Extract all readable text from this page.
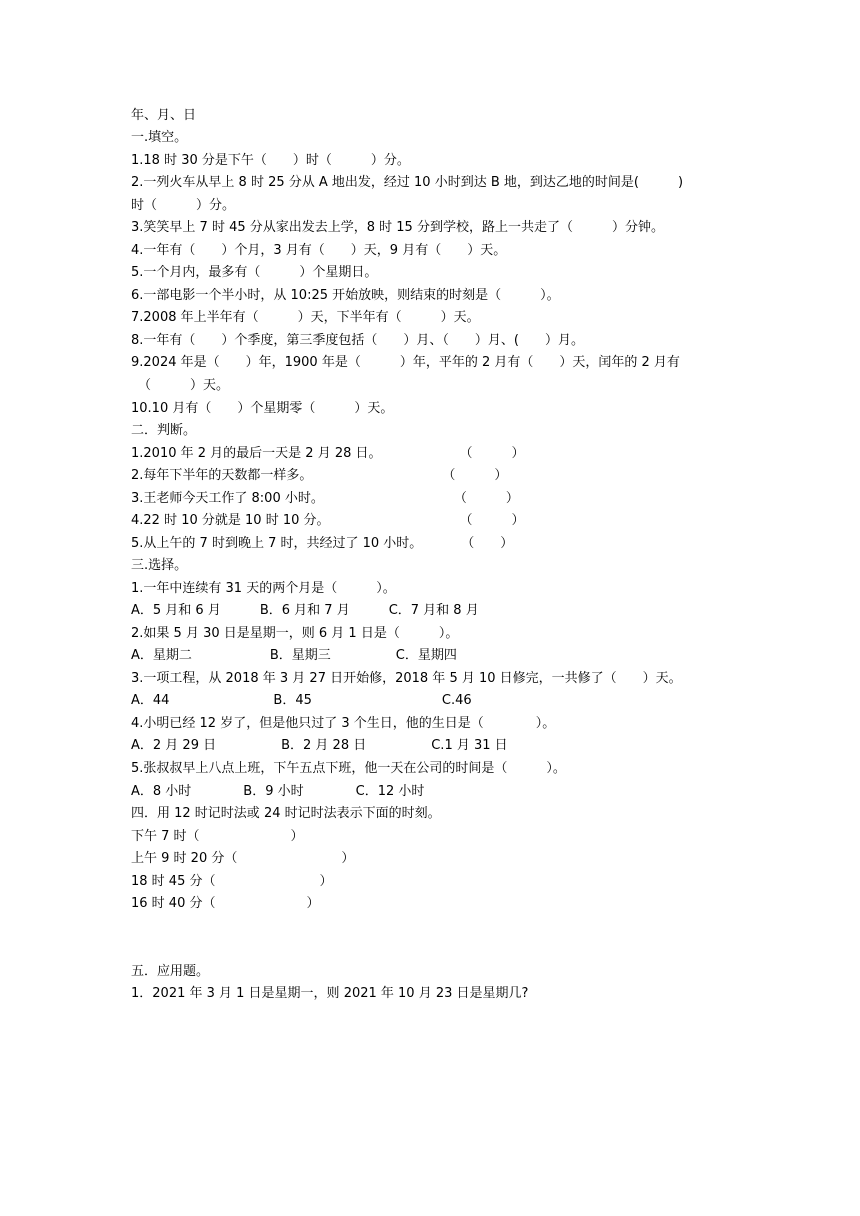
年、月、日
一.填空。
1.18 时 30 分是下午（　　）时（　　　）分。
2.一列火车从早上 8 时 25 分从 A 地出发，经过 10 小时到达 B 地，到达乙地的时间是(　　　)
时（　　　）分。
3.笑笑早上 7 时 45 分从家出发去上学，8 时 15 分到学校，路上一共走了（　　　）分钟。
4.一年有（　　）个月，3 月有（　　）天，9 月有（　　）天。
5.一个月内，最多有（　　　）个星期日。
6.一部电影一个半小时，从 10:25 开始放映，则结束的时刻是（　　　）。
7.2008 年上半年有（　　　）天，下半年有（　　　）天。
8.一年有（　　）个季度，第三季度包括（　　）月、（　　）月、(　　）月。
9.2024 年是（　　）年，1900 年是（　　　）年，平年的 2 月有（　　）天，闰年的 2 月有
（　　　）天。
10.10 月有（　　）个星期零（　　　）天。
二．判断。
1.2010 年 2 月的最后一天是 2 月 28 日。　　　　　　　（　　　）
2.每年下半年的天数都一样多。　　　　　　　　　　　（　　　）
3.王老师今天工作了 8:00 小时。　　　　　　　　　　　（　　　）
4.22 时 10 分就是 10 时 10 分。　　　　　　　　　　　（　　　）
5.从上午的 7 时到晚上 7 时，共经过了 10 小时。　　　　（　　）
三.选择。
1.一年中连续有 31 天的两个月是（　　　）。
A．5 月和 6 月　　　B．6 月和 7 月　　　C．7 月和 8 月
2.如果 5 月 30 日是星期一，则 6 月 1 日是（　　　）。
A．星期二　　　　　　B．星期三　　　　　C．星期四
3.一项工程，从 2018 年 3 月 27 日开始修，2018 年 5 月 10 日修完，一共修了（　　）天。
A．44　　　　　　　　B．45　　　　　　　　　　C.46
4.小明已经 12 岁了，但是他只过了 3 个生日，他的生日是（　　　　）。
A．2 月 29 日　　　　　B．2 月 28 日　　　　　C.1 月 31 日
5.张叔叔早上八点上班，下午五点下班，他一天在公司的时间是（　　　）。
A．8 小时　　　　B．9 小时　　　　C．12 小时
四．用 12 时记时法或 24 时记时法表示下面的时刻。
下午 7 时（　　　　　　　）
上午 9 时 20 分（　　　　　　　　）
18 时 45 分（　　　　　　　　）
16 时 40 分（　　　　　　　）
五．应用题。
1．2021 年 3 月 1 日是星期一，则 2021 年 10 月 23 日是星期几?
